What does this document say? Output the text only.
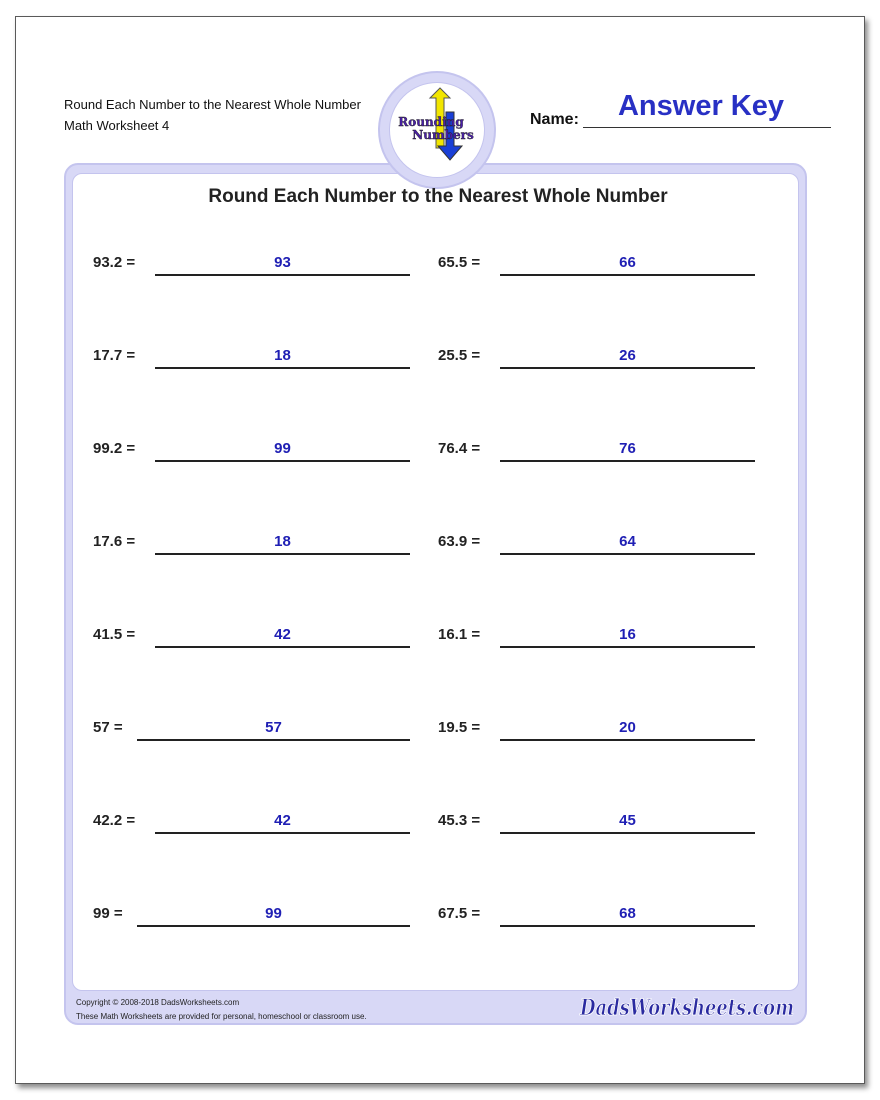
Round Each Number to the Nearest Whole Number
Math Worksheet 4	Name:	Answer Key
Rounding
Numbers
Round Each Number to the Nearest Whole Number
93.2 =	93	65.5 =	66
17.7 =	18	25.5 =	26
99.2 =	99	76.4 =	76
17.6 =	18	63.9 =	64
41.5 =	42	16.1 =	16
57 =	57	19.5 =	20
42.2 =	42	45.3 =	45
99 =	99	67.5 =	68
Copyright © 2008-2018 DadsWorksheets.com
These Math Worksheets are provided for personal, homeschool or classroom use.	DadsWorksheets.com
